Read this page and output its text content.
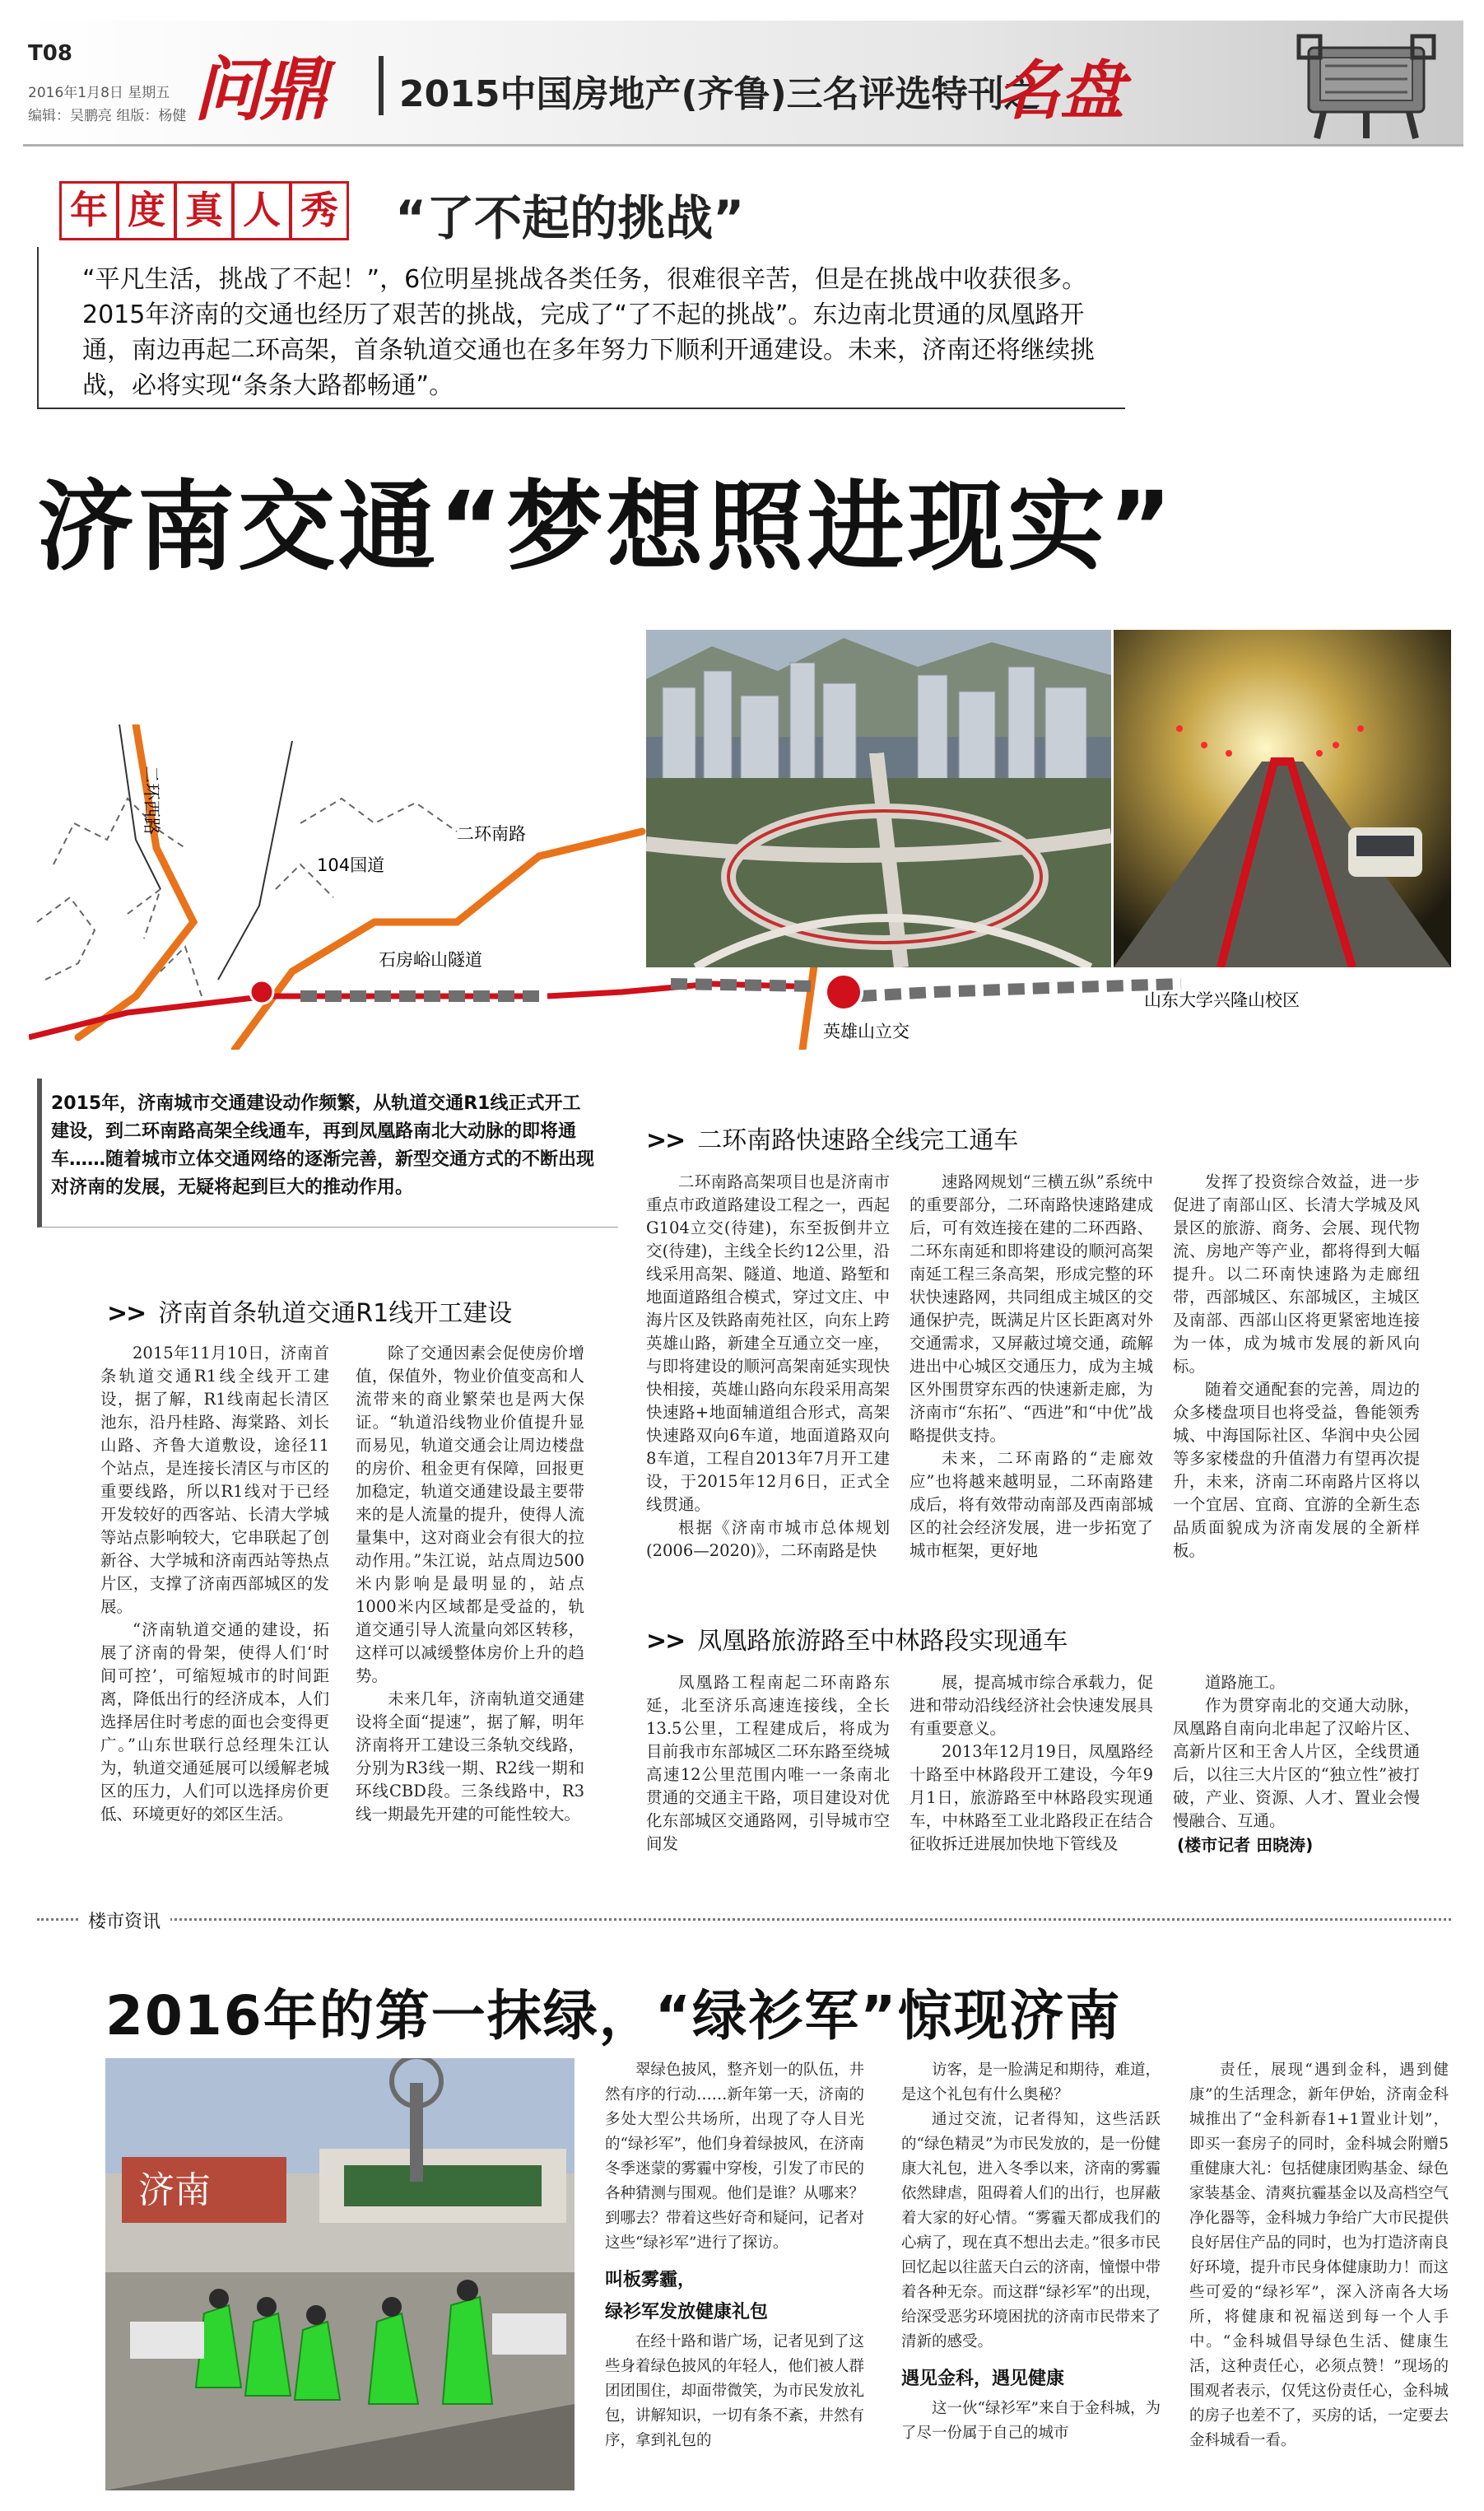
T08
2016年1月8日 星期五
编辑：吴鹏亮 组版：杨健 问鼎 2015中国房地产(齐鲁)三名评选特刊之
名盘
年 度 真 人 秀 “了不起的挑战”
“平凡生活，挑战了不起！”，6位明星挑战各类任务，很难很辛苦，但是在挑战中收获很多。2015年济南的交通也经历了艰苦的挑战，完成了“了不起的挑战”。东边南北贯通的凤凰路开通，南边再起二环高架，首条轨道交通也在多年努力下顺利开通建设。未来，济南还将继续挑战，必将实现“条条大路都畅通”。
济南交通“梦想照进现实”
二环西路	二环南路
104国道
石房峪山隧道
英雄山立交
山东大学兴隆山校区
2015年，济南城市交通建设动作频繁，从轨道交通R1线正式开工建设，到二环南路高架全线通车，再到凤凰路南北大动脉的即将通车……随着城市立体交通网络的逐渐完善，新型交通方式的不断出现对济南的发展，无疑将起到巨大的推动作用。
>> 济南首条轨道交通R1线开工建设

2015年11月10日，济南首条轨道交通R1线全线开工建设，据了解，R1线南起长清区池东，沿丹桂路、海棠路、刘长山路、齐鲁大道敷设，途径11个站点，是连接长清区与市区的重要线路，所以R1线对于已经开发较好的西客站、长清大学城等站点影响较大，它串联起了创新谷、大学城和济南西站等热点片区，支撑了济南西部城区的发展。

“济南轨道交通的建设，拓展了济南的骨架，使得人们‘时间可控’，可缩短城市的时间距离，降低出行的经济成本，人们选择居住时考虑的面也会变得更广。”山东世联行总经理朱江认为，轨道交通延展可以缓解老城区的压力，人们可以选择房价更低、环境更好的郊区生活。

除了交通因素会促使房价增值，保值外，物业价值变高和人流带来的商业繁荣也是两大保证。“轨道沿线物业价值提升显而易见，轨道交通会让周边楼盘的房价、租金更有保障，回报更加稳定，轨道交通建设最主要带来的是人流量的提升，使得人流量集中，这对商业会有很大的拉动作用。”朱江说，站点周边500米内影响是最明显的，站点1000米内区域都是受益的，轨道交通引导人流量向郊区转移，这样可以减缓整体房价上升的趋势。

未来几年，济南轨道交通建设将全面“提速”，据了解，明年济南将开工建设三条轨交线路，分别为R3线一期、R2线一期和环线CBD段。三条线路中，R3线一期最先开建的可能性较大。

>> 二环南路快速路全线完工通车

二环南路高架项目也是济南市重点市政道路建设工程之一，西起G104立交(待建)，东至扳倒井立交(待建)，主线全长约12公里，沿线采用高架、隧道、地道、路堑和地面道路组合模式，穿过文庄、中海片区及铁路南苑社区，向东上跨英雄山路，新建全互通立交一座，与即将建设的顺河高架南延实现快快相接，英雄山路向东段采用高架快速路+地面辅道组合形式，高架快速路双向6车道，地面道路双向8车道，工程自2013年7月开工建设，于2015年12月6日，正式全线贯通。

根据《济南市城市总体规划(2006—2020)》，二环南路是快

速路网规划“三横五纵”系统中的重要部分，二环南路快速路建成后，可有效连接在建的二环西路、二环东南延和即将建设的顺河高架南延工程三条高架，形成完整的环状快速路网，共同组成主城区的交通保护壳，既满足片区长距离对外交通需求，又屏蔽过境交通，疏解进出中心城区交通压力，成为主城区外围贯穿东西的快速新走廊，为济南市“东拓”、“西进”和“中优”战略提供支持。

未来，二环南路的“走廊效应”也将越来越明显，二环南路建成后，将有效带动南部及西南部城区的社会经济发展，进一步拓宽了城市框架，更好地

发挥了投资综合效益，进一步促进了南部山区、长清大学城及风景区的旅游、商务、会展、现代物流、房地产等产业，都将得到大幅提升。以二环南快速路为走廊纽带，西部城区、东部城区，主城区及南部、西部山区将更紧密地连接为一体，成为城市发展的新风向标。

随着交通配套的完善，周边的众多楼盘项目也将受益，鲁能领秀城、中海国际社区、华润中央公园等多家楼盘的升值潜力有望再次提升，未来，济南二环南路片区将以一个宜居、宜商、宜游的全新生态品质面貌成为济南发展的全新样板。

>> 凤凰路旅游路至中林路段实现通车

凤凰路工程南起二环南路东延，北至济乐高速连接线，全长13.5公里，工程建成后，将成为目前我市东部城区二环东路至绕城高速12公里范围内唯一一条南北贯通的交通主干路，项目建设对优化东部城区交通路网，引导城市空间发

展，提高城市综合承载力，促进和带动沿线经济社会快速发展具有重要意义。

2013年12月19日，凤凰路经十路至中林路段开工建设，今年9月1日，旅游路至中林路段实现通车，中林路至工业北路段正在结合征收拆迁进展加快地下管线及

道路施工。

作为贯穿南北的交通大动脉，凤凰路自南向北串起了汉峪片区、高新片区和王舍人片区，全线贯通后，以往三大片区的“独立性”被打破，产业、资源、人才、置业会慢慢融合、互通。

(楼市记者 田晓涛)
楼市资讯
2016年的第一抹绿，“绿衫军”惊现济南
济南

翠绿色披风，整齐划一的队伍，井然有序的行动……新年第一天，济南的多处大型公共场所，出现了夺人目光的“绿衫军”，他们身着绿披风，在济南冬季迷蒙的雾霾中穿梭，引发了市民的各种猜测与围观。他们是谁？从哪来？到哪去？带着这些好奇和疑问，记者对这些“绿衫军”进行了探访。

叫板雾霾，

绿衫军发放健康礼包

在经十路和谐广场，记者见到了这些身着绿色披风的年轻人，他们被人群团团围住，却面带微笑，为市民发放礼包，讲解知识，一切有条不紊，井然有序，拿到礼包的

访客，是一脸满足和期待，难道，是这个礼包有什么奥秘？

通过交流，记者得知，这些活跃的“绿色精灵”为市民发放的，是一份健康大礼包，进入冬季以来，济南的雾霾依然肆虐，阻碍着人们的出行，也屏蔽着大家的好心情。“雾霾天都成我们的心病了，现在真不想出去走。”很多市民回忆起以往蓝天白云的济南，憧憬中带着各种无奈。而这群“绿衫军”的出现，给深受恶劣环境困扰的济南市民带来了清新的感受。

遇见金科，遇见健康

这一伙“绿衫军”来自于金科城，为了尽一份属于自己的城市

责任，展现“遇到金科，遇到健康”的生活理念，新年伊始，济南金科城推出了“金科新春1+1置业计划”，即买一套房子的同时，金科城会附赠5重健康大礼：包括健康团购基金、绿色家装基金、清爽抗霾基金以及高档空气净化器等，金科城力争给广大市民提供良好居住产品的同时，也为打造济南良好环境，提升市民身体健康助力！而这些可爱的“绿衫军”，深入济南各大场所，将健康和祝福送到每一个人手中。“金科城倡导绿色生活、健康生活，这种责任心，必须点赞！”现场的围观者表示，仅凭这份责任心，金科城的房子也差不了，买房的话，一定要去金科城看一看。
